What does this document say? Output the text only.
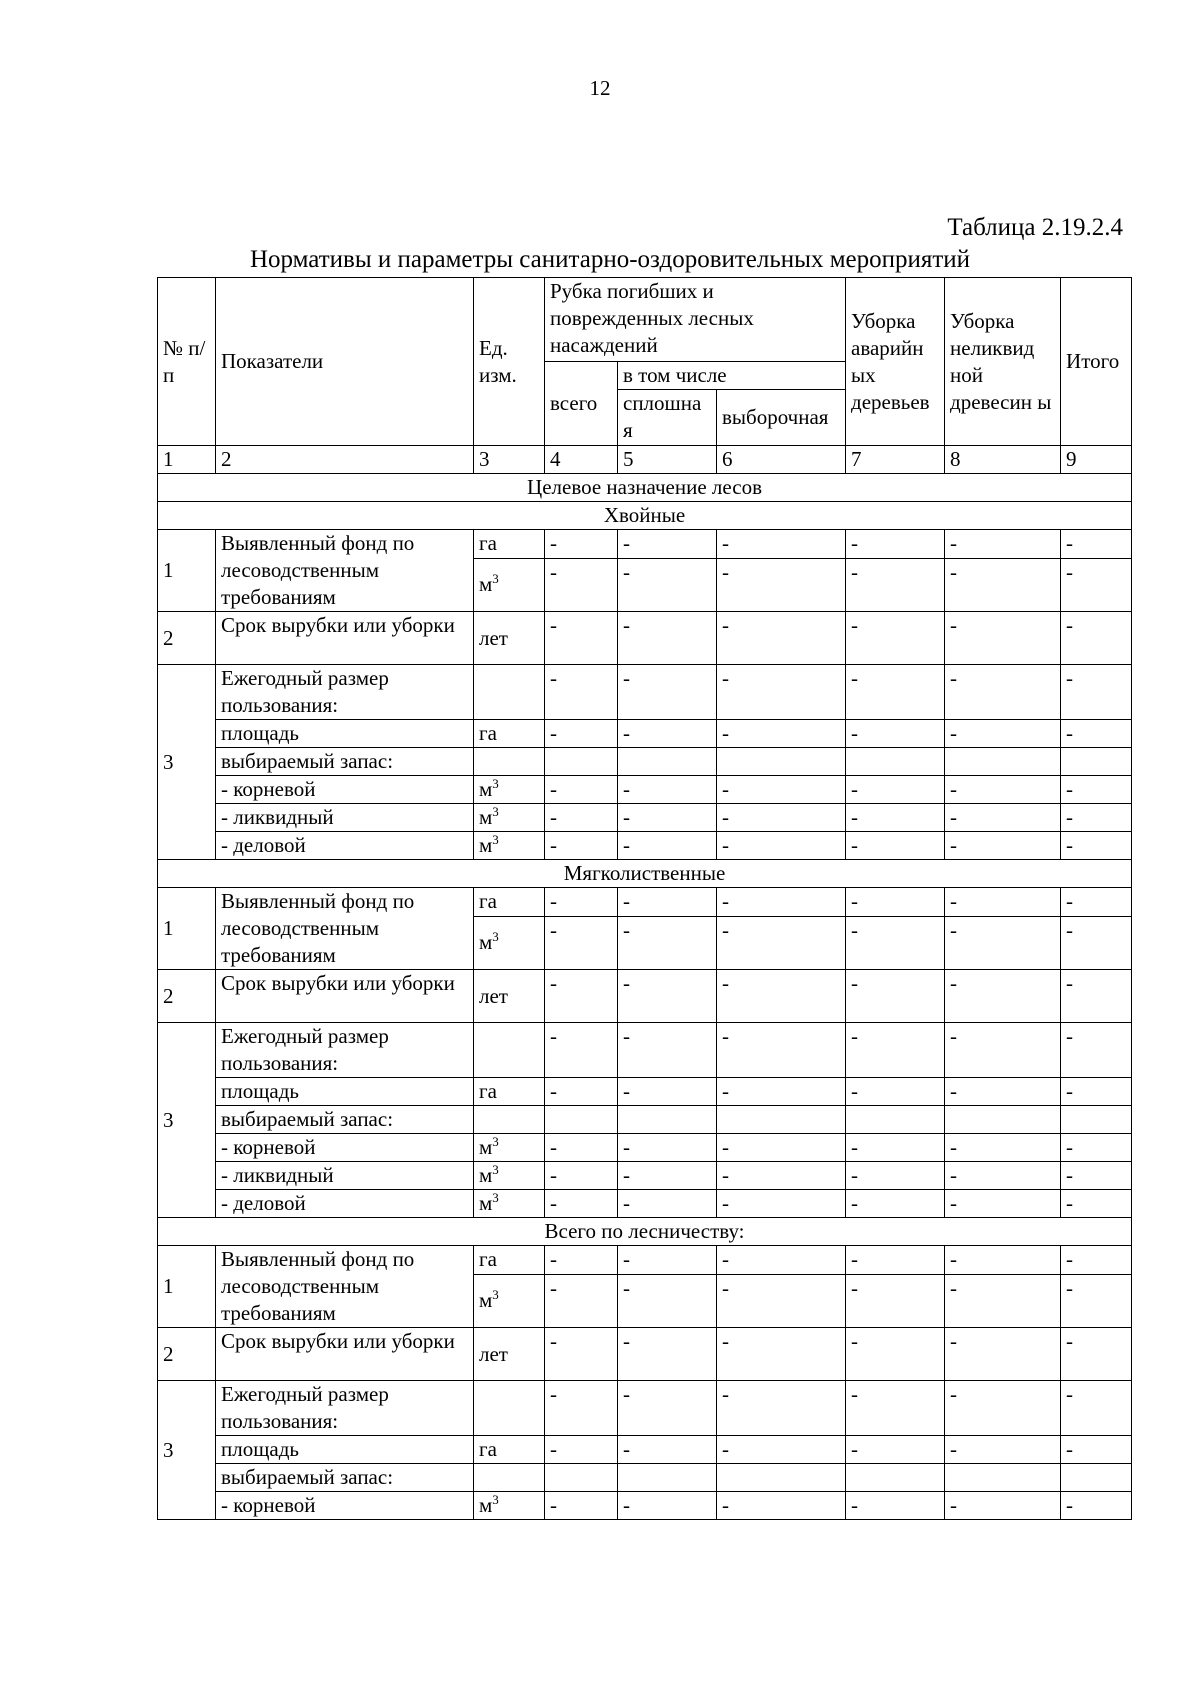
12
Таблица 2.19.2.4
Нормативы и параметры санитарно-оздоровительных мероприятий
№ п/п	Показатели	Ед. изм.	Рубка погибших и поврежденных лесных насаждений			Уборка аварийн ых деревьев	Уборка неликвид ной древесин ы	Итого
			всего	в том числе				
				сплошна я	выборочная			
1	2	3	4	5	6	7	8	9
Целевое назначение лесов								
Хвойные								
1	Выявленный фонд по лесоводственным требованиям	га	-	-	-	-	-	-
		$м^3$	-	-	-	-	-	-
2	Срок вырубки или уборки	лет	-	-	-	-	-	-
3	Ежегодный размер пользования:		-	-	-	-	-	-
	площадь	га	-	-	-	-	-	-
	выбираемый запас:							
	- корневой	$м^3$	-	-	-	-	-	-
	- ликвидный	$м^3$	-	-	-	-	-	-
	- деловой	$м^3$	-	-	-	-	-	-
Мягколиственные								
1	Выявленный фонд по лесоводственным требованиям	га	-	-	-	-	-	-
		$м^3$	-	-	-	-	-	-
2	Срок вырубки или уборки	лет	-	-	-	-	-	-
3	Ежегодный размер пользования:		-	-	-	-	-	-
	площадь	га	-	-	-	-	-	-
	выбираемый запас:							
	- корневой	$м^3$	-	-	-	-	-	-
	- ликвидный	$м^3$	-	-	-	-	-	-
	- деловой	$м^3$	-	-	-	-	-	-
Всего по лесничеству:								
1	Выявленный фонд по лесоводственным требованиям	га	-	-	-	-	-	-
		$м^3$	-	-	-	-	-	-
2	Срок вырубки или уборки	лет	-	-	-	-	-	-
3	Ежегодный размер пользования:		-	-	-	-	-	-
	площадь	га	-	-	-	-	-	-
	выбираемый запас:							
	- корневой	$м^3$	-	-	-	-	-	-
